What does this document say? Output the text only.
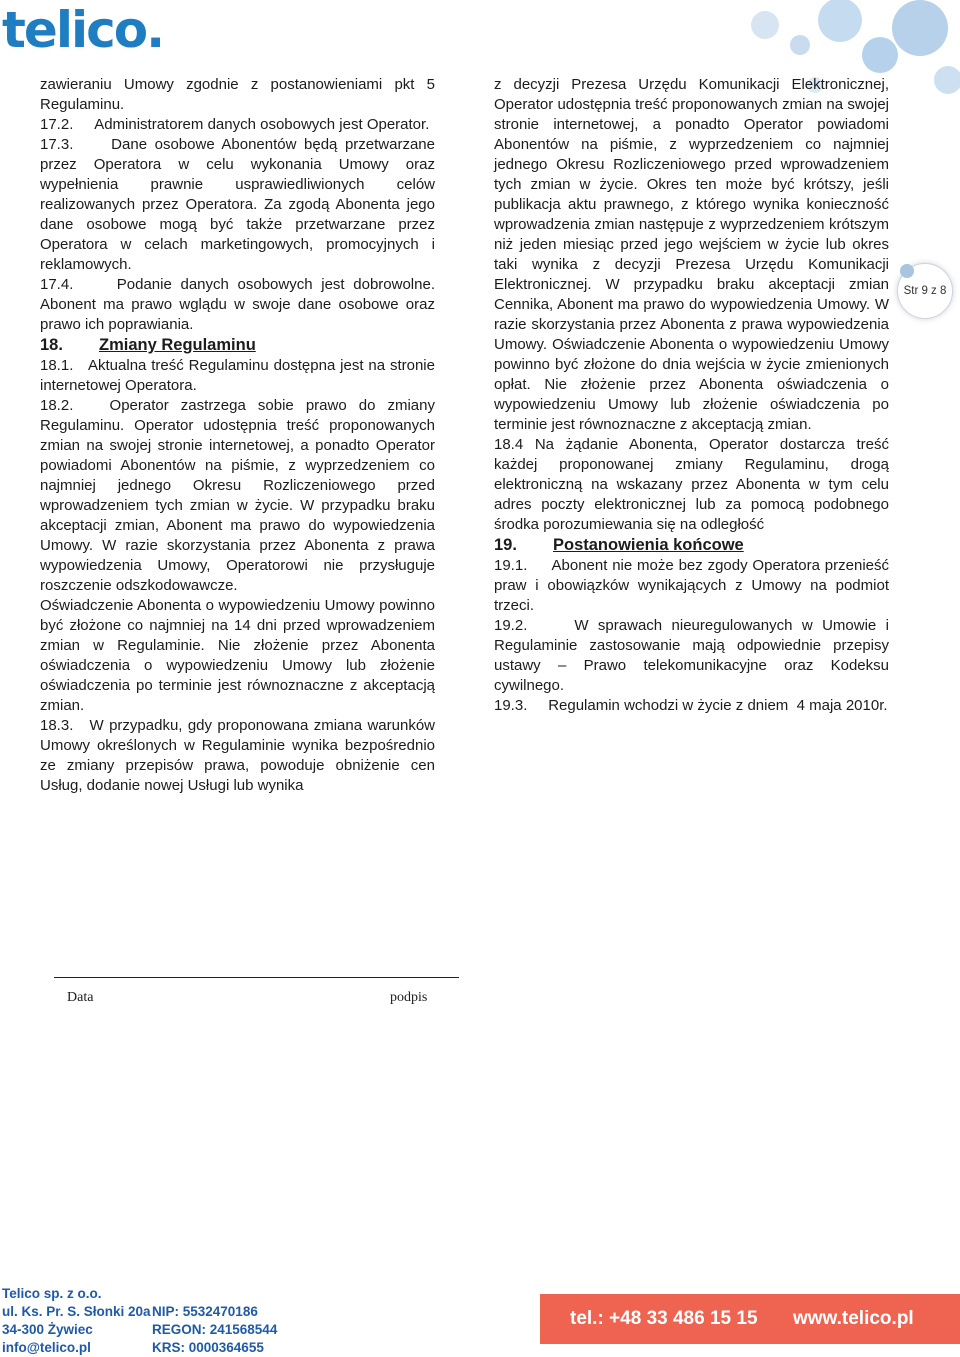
telico.

zawieraniu Umowy zgodnie z postanowieniami pkt 5 Regulaminu.

17.2.     Administratorem danych osobowych jest Operator.

17.3.     Dane osobowe Abonentów będą przetwarzane przez Operatora w celu wykonania Umowy oraz wypełnienia prawnie usprawiedliwionych celów realizowanych przez Operatora. Za zgodą Abonenta jego dane osobowe mogą być także przetwarzane przez Operatora w celach marketingowych, promocyjnych i reklamowych.

17.4.     Podanie danych osobowych jest dobrowolne. Abonent ma prawo wglądu w swoje dane osobowe oraz prawo ich poprawiania.

18. Zmiany Regulaminu

18.1.   Aktualna treść Regulaminu dostępna jest na stronie internetowej Operatora.

18.2.   Operator zastrzega sobie prawo do zmiany Regulaminu. Operator udostępnia treść proponowanych zmian na swojej stronie internetowej, a ponadto Operator powiadomi Abonentów na piśmie, z wyprzedzeniem co najmniej jednego Okresu Rozliczeniowego przed wprowadzeniem tych zmian w życie. W przypadku braku akceptacji zmian, Abonent ma prawo do wypowiedzenia Umowy. W razie skorzystania przez Abonenta z prawa wypowiedzenia Umowy, Operatorowi nie przysługuje roszczenie odszkodowawcze.

Oświadczenie Abonenta o wypowiedzeniu Umowy powinno być złożone co najmniej na 14 dni przed wprowadzeniem zmian w Regulaminie. Nie złożenie przez Abonenta oświadczenia o wypowiedzeniu Umowy lub złożenie oświadczenia po terminie jest równoznaczne z akceptacją zmian.

18.3.   W przypadku, gdy proponowana zmiana warunków Umowy określonych w Regulaminie wynika bezpośrednio ze zmiany przepisów prawa, powoduje obniżenie cen Usług, dodanie nowej Usługi lub wynika

z decyzji Prezesa Urzędu Komunikacji Elektronicznej, Operator udostępnia treść proponowanych zmian na swojej stronie internetowej, a ponadto Operator powiadomi Abonentów na piśmie, z wyprzedzeniem co najmniej jednego Okresu Rozliczeniowego przed wprowadzeniem tych zmian w życie. Okres ten może być krótszy, jeśli publikacja aktu prawnego, z którego wynika konieczność wprowadzenia zmian następuje z wyprzedzeniem krótszym niż jeden miesiąc przed jego wejściem w życie lub okres taki wynika z decyzji Prezesa Urzędu Komunikacji Elektronicznej. W przypadku braku akceptacji zmian Cennika, Abonent ma prawo do wypowiedzenia Umowy. W razie skorzystania przez Abonenta z prawa wypowiedzenia Umowy. Oświadczenie Abonenta o wypowiedzeniu Umowy powinno być złożone do dnia wejścia w życie zmienionych opłat. Nie złożenie przez Abonenta oświadczenia o wypowiedzeniu Umowy lub złożenie oświadczenia po terminie jest równoznaczne z akceptacją zmian.

18.4 Na żądanie Abonenta, Operator dostarcza treść każdej proponowanej zmiany Regulaminu, drogą elektroniczną na wskazany przez Abonenta w tym celu adres poczty elektronicznej lub za pomocą podobnego środka porozumiewania się na odległość

19. Postanowienia końcowe

19.1.     Abonent nie może bez zgody Operatora przenieść praw i obowiązków wynikających z Umowy na podmiot trzeci.

19.2.     W sprawach nieuregulowanych w Umowie i Regulaminie zastosowanie mają odpowiednie przepisy ustawy – Prawo telekomunikacyjne oraz Kodeksu cywilnego.

19.3.     Regulamin wchodzi w życie z dniem  4 maja 2010r.

Str 9 z 8
Data	podpis
Telico sp. z o.o.
ul. Ks. Pr. S. Słonki 20a
34-300 Żywiec
info@telico.pl
NIP: 5532470186
REGON: 241568544
KRS: 0000364655
tel.: +48 33 486 15 15 www.telico.pl
